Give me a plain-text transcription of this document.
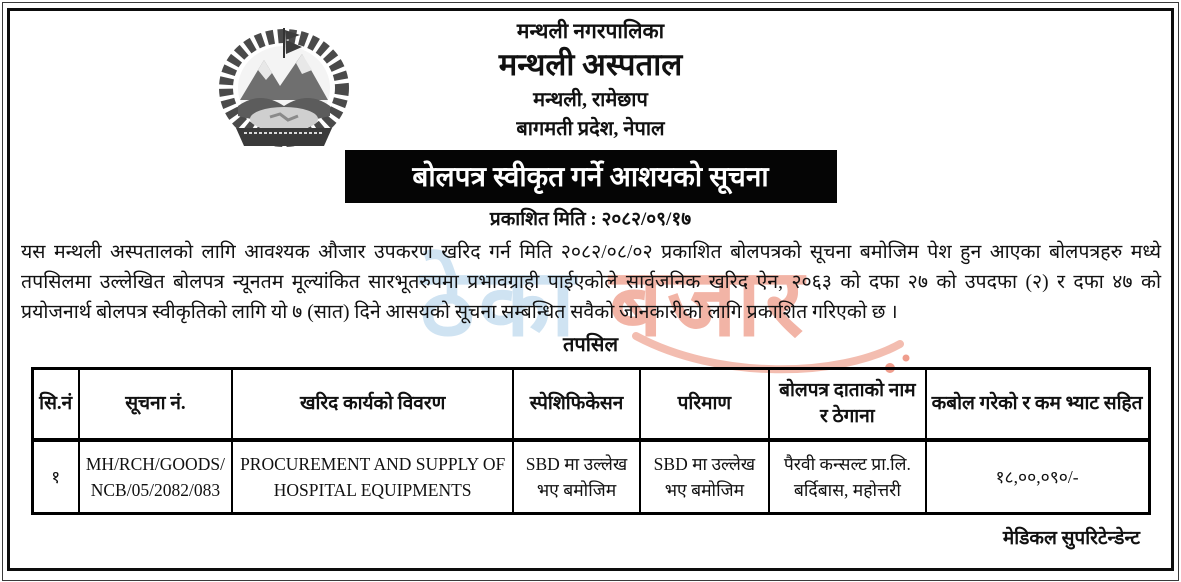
ठेका बजार
मन्थली नगरपालिका
मन्थली अस्पताल
मन्थली, रामेछाप
बागमती प्रदेश, नेपाल
बोलपत्र स्वीकृत गर्ने आशयको सूचना
प्रकाशित मिति : २०८२/०९/१७

यस मन्थली अस्पतालको लागि आवश्यक औजार उपकरण खरिद गर्न मिति २०८२/०८/०२ प्रकाशित बोलपत्रको सूचना बमोजिम पेश हुन आएका बोलपत्रहरु मध्ये तपसिलमा उल्लेखित बोलपत्र न्यूनतम मूल्यांकित सारभूतरुपमा प्रभावग्राही पाईएकोले सार्वजनिक खरिद ऐन, २०६३ को दफा २७ को उपदफा (२) र दफा ४७ को प्रयोजनार्थ बोलपत्र स्वीकृतिको लागि यो ७ (सात) दिने आसयको सूचना सम्बन्धित सवैको जानकारीको लागि प्रकाशित गरिएको छ ।

तपसिल
सि.नं	सूचना नं.	खरिद कार्यको विवरण	स्पेशिफिकेसन	परिमाण	बोलपत्र दाताको नाम र ठेगाना	कबोल गरेको र कम भ्याट सहित
१	MH/RCH/GOODS/ NCB/05/2082/083	PROCUREMENT AND SUPPLY OF HOSPITAL EQUIPMENTS	SBD मा उल्लेख भए बमोजिम	SBD मा उल्लेख भए बमोजिम	पैरवी कन्सल्ट प्रा.लि. बर्दिबास, महोत्तरी	१८,००,०९०/-
मेडिकल सुपरिटेन्डेन्ट
